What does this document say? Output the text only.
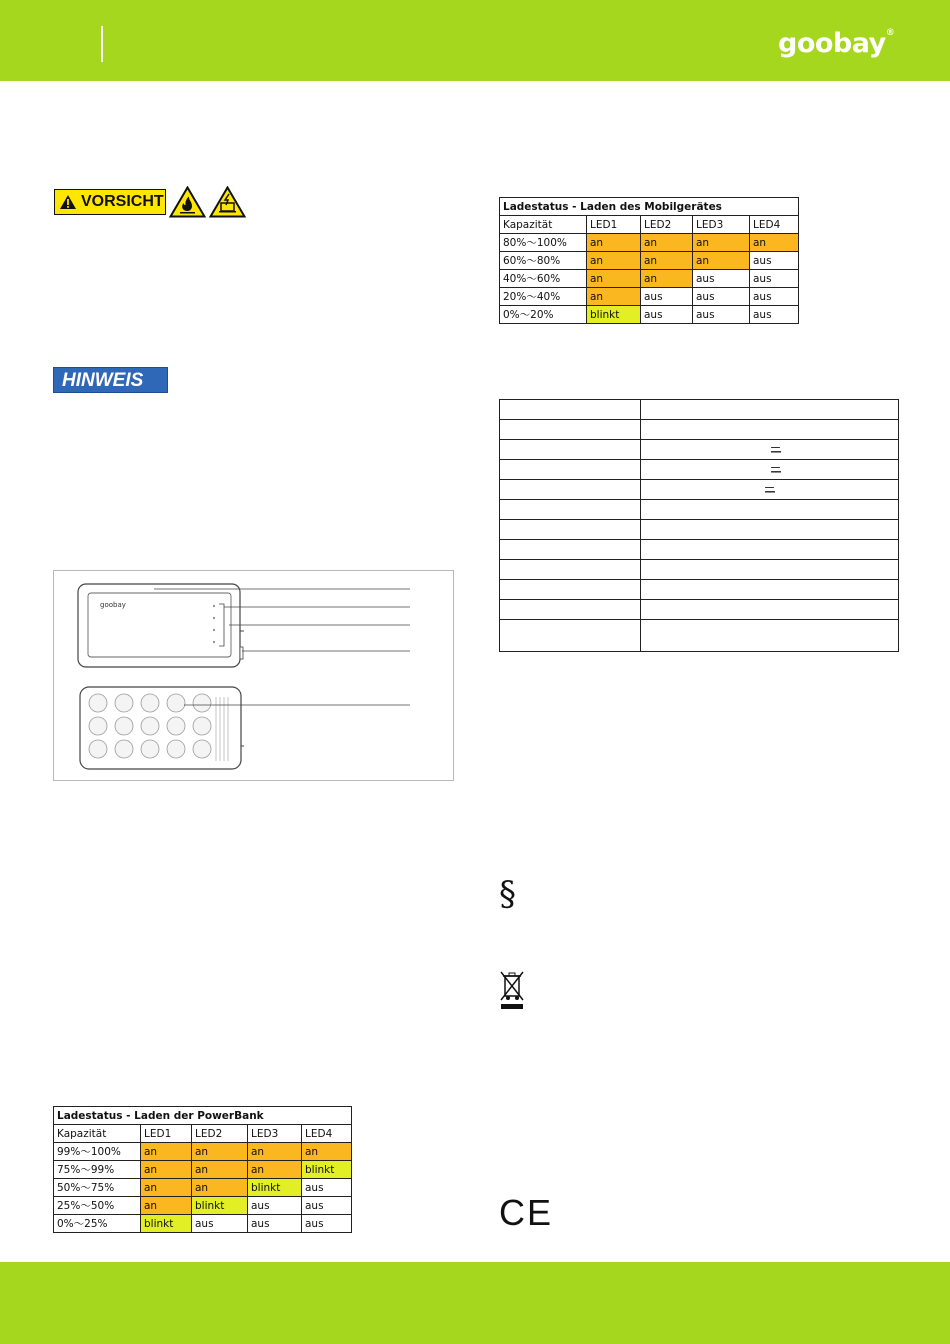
goobay®
VORSICHT
HINWEIS
goobay
Ladestatus - Laden der PowerBank				
Kapazität	LED1	LED2	LED3	LED4
99%～100%	an	an	an	an
75%～99%	an	an	an	blinkt
50%～75%	an	an	blinkt	aus
25%～50%	an	blinkt	aus	aus
0%～25%	blinkt	aus	aus	aus
Ladestatus - Laden des Mobilgerätes				
Kapazität	LED1	LED2	LED3	LED4
80%～100%	an	an	an	an
60%～80%	an	an	an	aus
40%～60%	an	an	aus	aus
20%～40%	an	aus	aus	aus
0%～20%	blinkt	aus	aus	aus

	━━
	━━
	━━

§
CE
